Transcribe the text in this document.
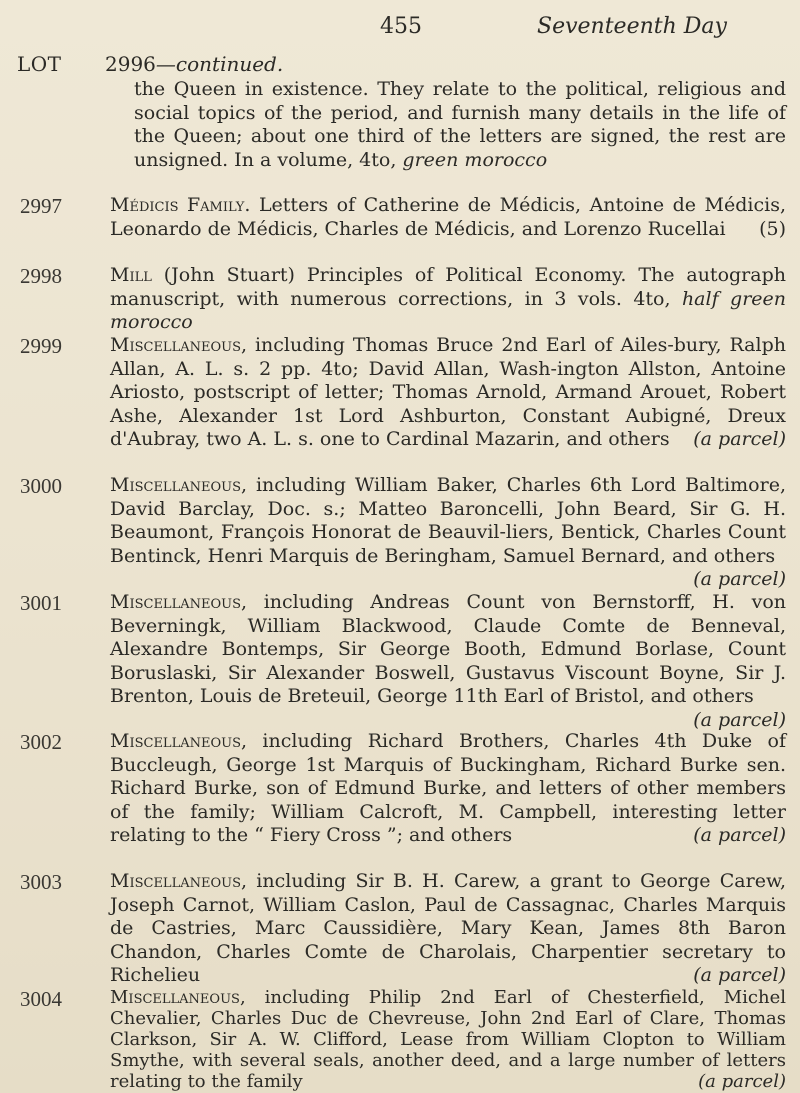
455	Seventeenth Day
LOT 2996—continued.
the Queen in existence. They relate to the political, religious and social topics of the period, and furnish many details in the life of the Queen; about one third of the letters are signed, the rest are unsigned. In a volume, 4to, green morocco
2997	Médicis Family. Letters of Catherine de Médicis, Antoine de Médicis, Leonardo de Médicis, Charles de Médicis, and Lorenzo Rucellai (5)
2998	Mill (John Stuart) Principles of Political Economy. The autograph manuscript, with numerous corrections, in 3 vols. 4to, half green morocco
2999	Miscellaneous, including Thomas Bruce 2nd Earl of Ailes-bury, Ralph Allan, A. L. s. 2 pp. 4to; David Allan, Wash-ington Allston, Antoine Ariosto, postscript of letter; Thomas Arnold, Armand Arouet, Robert Ashe, Alexander 1st Lord Ashburton, Constant Aubigné, Dreux d'Aubray, two A. L. s. one to Cardinal Mazarin, and others (a parcel)
3000	Miscellaneous, including William Baker, Charles 6th Lord Baltimore, David Barclay, Doc. s.; Matteo Baroncelli, John Beard, Sir G. H. Beaumont, François Honorat de Beauvil-liers, Bentick, Charles Count Bentinck, Henri Marquis de Beringham, Samuel Bernard, and others
(a parcel)
3001	Miscellaneous, including Andreas Count von Bernstorff, H. von Beverningk, William Blackwood, Claude Comte de Benneval, Alexandre Bontemps, Sir George Booth, Edmund Borlase, Count Boruslaski, Sir Alexander Boswell, Gustavus Viscount Boyne, Sir J. Brenton, Louis de Breteuil, George 11th Earl of Bristol, and others
(a parcel)
3002	Miscellaneous, including Richard Brothers, Charles 4th Duke of Buccleugh, George 1st Marquis of Buckingham, Richard Burke sen. Richard Burke, son of Edmund Burke, and letters of other members of the family; William Calcroft, M. Campbell, interesting letter relating to the “ Fiery Cross ”; and others	(a parcel)
3003	Miscellaneous, including Sir B. H. Carew, a grant to George Carew, Joseph Carnot, William Caslon, Paul de Cassagnac, Charles Marquis de Castries, Marc Caussidière, Mary Kean, James 8th Baron Chandon, Charles Comte de Charolais, Charpentier secretary to Richelieu	(a parcel)
3004	Miscellaneous, including Philip 2nd Earl of Chesterfield, Michel Chevalier, Charles Duc de Chevreuse, John 2nd Earl of Clare, Thomas Clarkson, Sir A. W. Clifford, Lease from William Clopton to William Smythe, with several seals, another deed, and a large number of letters relating to the family	(a parcel)
